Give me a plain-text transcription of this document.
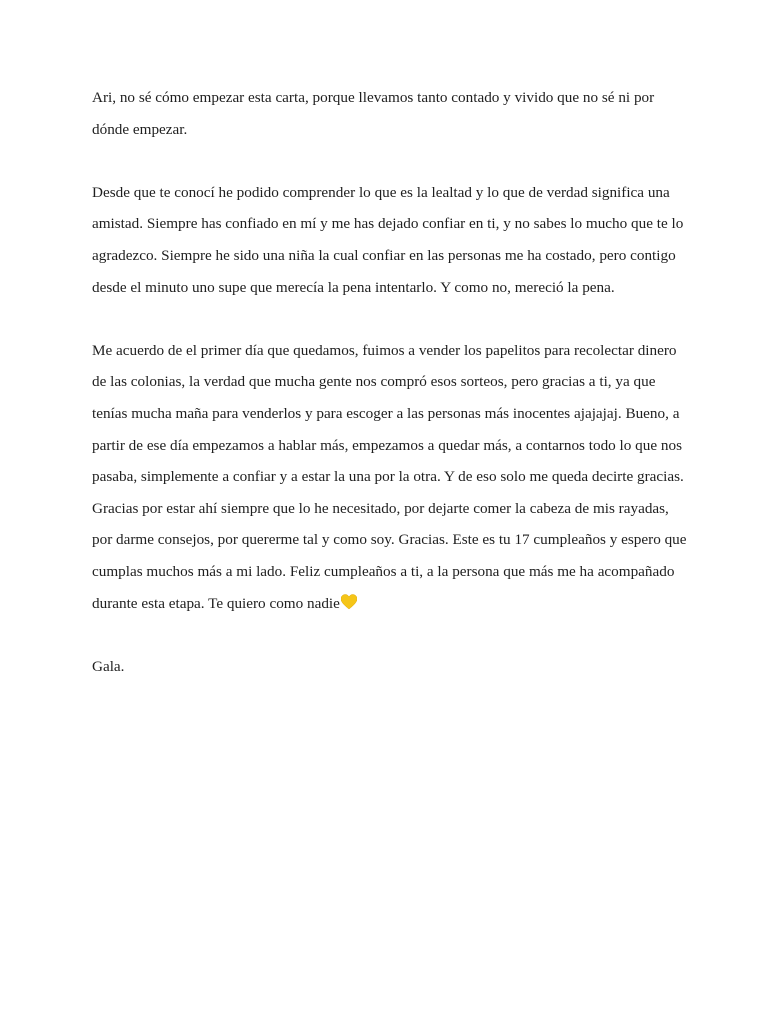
Ari, no sé cómo empezar esta carta, porque llevamos tanto contado y vivido que no sé ni por dónde empezar.

Desde que te conocí he podido comprender lo que es la lealtad y lo que de verdad significa una amistad. Siempre has confiado en mí y me has dejado confiar en ti, y no sabes lo mucho que te lo agradezco. Siempre he sido una niña la cual confiar en las personas me ha costado, pero contigo desde el minuto uno supe que merecía la pena intentarlo. Y como no, mereció la pena.

Me acuerdo de el primer día que quedamos, fuimos a vender los papelitos para recolectar dinero de las colonias, la verdad que mucha gente nos compró esos sorteos, pero gracias a ti, ya que tenías mucha maña para venderlos y para escoger a las personas más inocentes ajajajaj. Bueno, a partir de ese día empezamos a hablar más, empezamos a quedar más, a contarnos todo lo que nos pasaba, simplemente a confiar y a estar la una por la otra. Y de eso solo me queda decirte gracias. Gracias por estar ahí siempre que lo he necesitado, por dejarte comer la cabeza de mis rayadas, por darme consejos, por quererme tal y como soy. Gracias. Este es tu 17 cumpleaños y espero que cumplas muchos más a mi lado. Feliz cumpleaños a ti, a la persona que más me ha acompañado durante esta etapa. Te quiero como nadie

Gala.
